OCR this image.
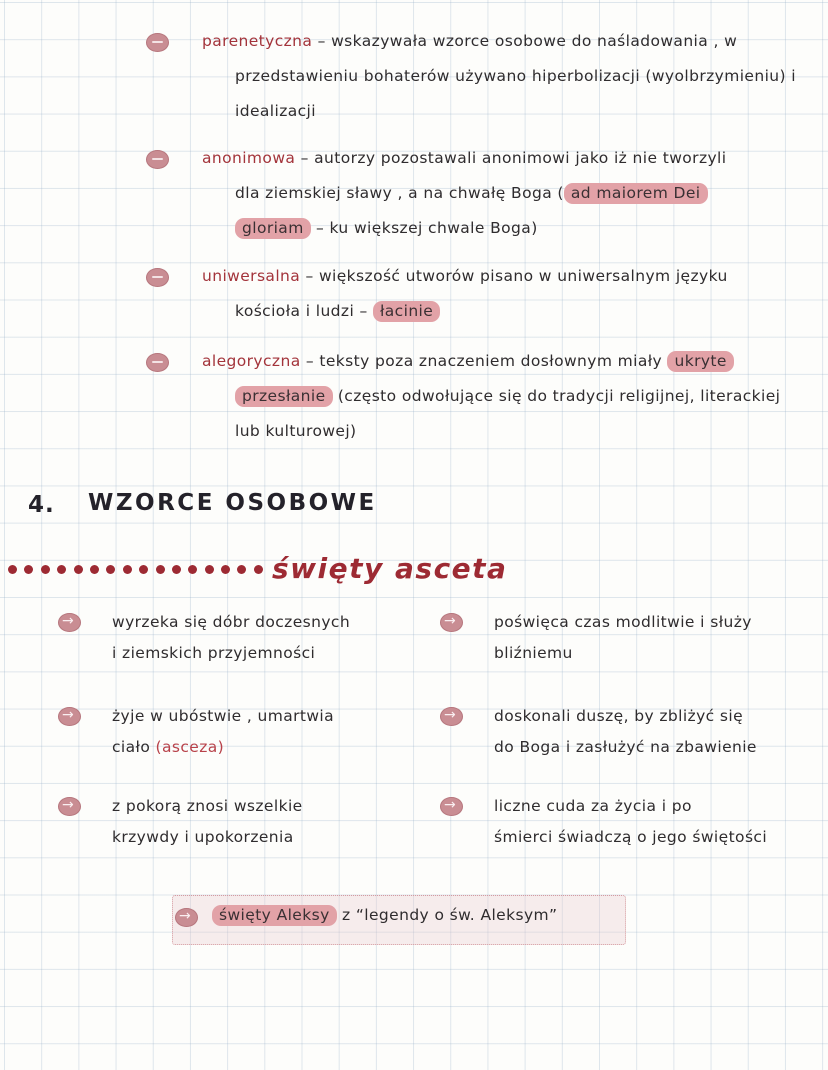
parenetyczna – wskazywała wzorce osobowe do naśladowania , w
przedstawieniu bohaterów używano hiperbolizacji (wyolbrzymieniu) i
idealizacji
anonimowa – autorzy pozostawali anonimowi jako iż nie tworzyli
dla ziemskiej sławy , a na chwałę Boga ( ad maiorem Dei
gloriam – ku większej chwale Boga)
uniwersalna – większość utworów pisano w uniwersalnym języku
kościoła i ludzi – łacinie
alegoryczna – teksty poza znaczeniem dosłownym miały ukryte
przesłanie (często odwołujące się do tradycji religijnej, literackiej
lub kulturowej)
4. WZORCE OSOBOWE
święty asceta
→
wyrzeka się dóbr doczesnych
i ziemskich przyjemności
→
żyje w ubóstwie , umartwia
ciało (asceza)
→
z pokorą znosi wszelkie
krzywdy i upokorzenia
→
poświęca czas modlitwie i służy
bliźniemu
→
doskonali duszę, by zbliżyć się
do Boga i zasłużyć na zbawienie
→
liczne cuda za życia i po
śmierci świadczą o jego świętości
→
święty Aleksy z “legendy o św. Aleksym”
